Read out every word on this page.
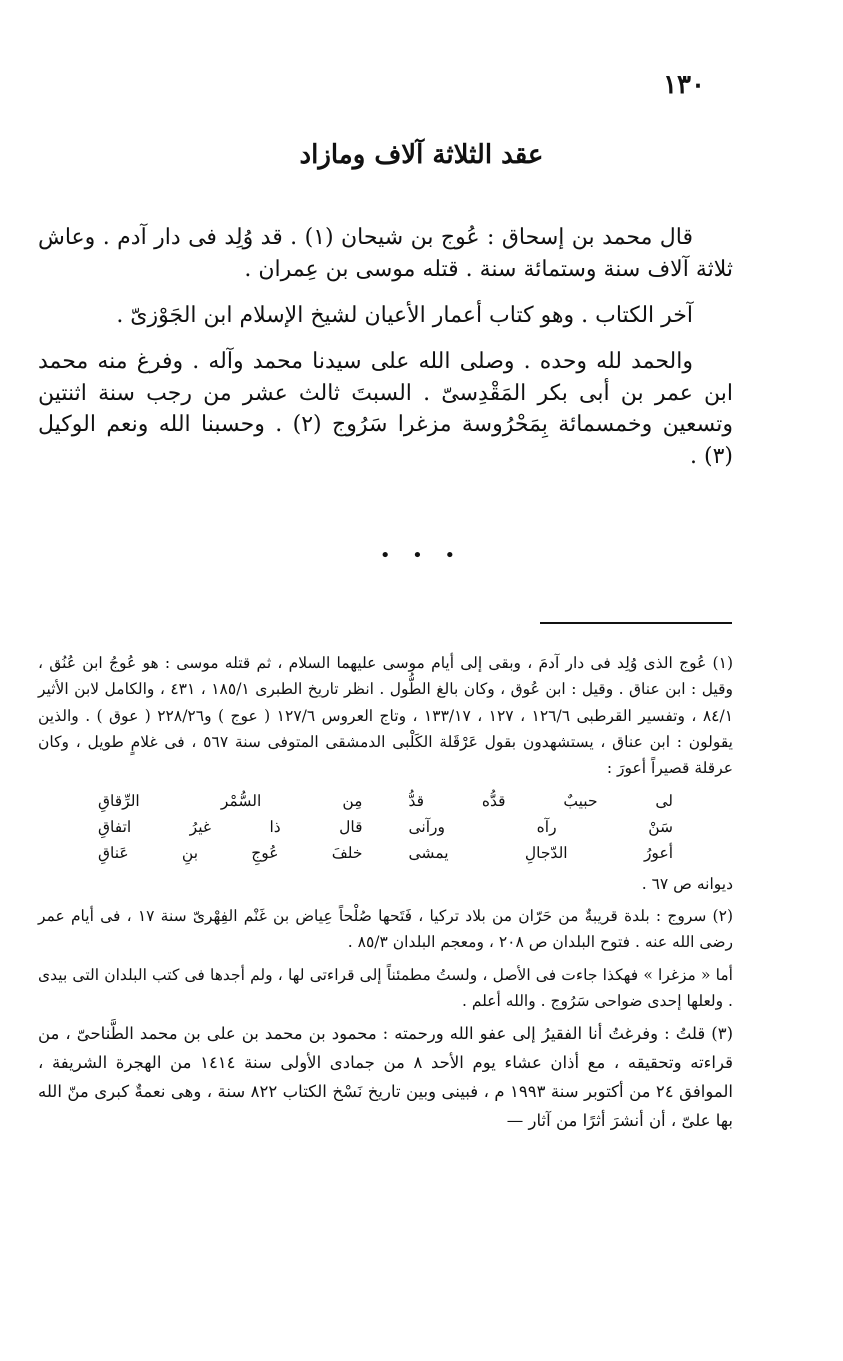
١٣٠
عقد الثلاثة آلاف ومازاد

قال محمد بن إسحاق : عُوج بن شيحان (١) . قد وُلِد فى دار آدم . وعاش ثلاثة آلاف سنة وستمائة سنة . قتله موسى بن عِمران .

آخر الكتاب . وهو كتاب أعمار الأعيان لشيخ الإسلام ابن الجَوْزىّ .

والحمد لله وحده . وصلى الله على سيدنا محمد وآله . وفرغ منه محمد ابن عمر بن أبى بكر المَقْدِسىّ . السبتَ ثالث عشر من رجب سنة اثنتين وتسعين وخمسمائة بِمَحْرُوسة مزغرا سَرُوج (٢) . وحسبنا الله ونعم الوكيل (٣) .

• • •

(١) عُوج الذى وُلِد فى دار آدمَ ، وبقى إلى أيام موسى عليهما السلام ، ثم قتله موسى : هو عُوجُ ابن عُنُق ، وقيل : ابن عناق . وقيل : ابن عُوق ، وكان بالغ الطُّول . انظر تاريخ الطبرى ١٨٥/١ ، ٤٣١ ، والكامل لابن الأثير ٨٤/١ ، وتفسير القرطبى ١٢٦/٦ ، ١٢٧ ، ١٣٣/١٧ ، وتاج العروس ١٢٧/٦ ( عوج ) و٢٢٨/٢٦ ( عوق ) . والذين يقولون : ابن عناق ، يستشهدون بقول عَرْقَلة الكَلْبى الدمشقى المتوفى سنة ٥٦٧ ، فى غلامٍ طويل ، وكان عرقلة قصيراً أعورَ :

لى حبيبٌ قدُّه قدُّ
مِن السُّمْر الرِّقاقِ
سَنْ رآه ورآنى
قال ذا غيرُ اتفاقِ
أعورُ الدّجالِ يمشى
خلفَ عُوجِ بنِ عَناقِ

ديوانه ص ٦٧ .

(٢) سروج : بلدة قريبةٌ من حَرّان من بلاد تركيا ، فَتَحها صُلْحاً عِياض بن غَنْم الفِهْرىّ سنة ١٧ ، فى أيام عمر رضى الله عنه . فتوح البلدان ص ٢٠٨ ، ومعجم البلدان ٨٥/٣ .

أما « مزغرا » فهكذا جاءت فى الأصل ، ولستُ مطمئناً إلى قراءتى لها ، ولم أجدها فى كتب البلدان التى بيدى . ولعلها إحدى ضواحى سَرُوج . والله أعلم .

(٣) قلتُ : وفرغتُ أنا الفقيرُ إلى عفو الله ورحمته : محمود بن محمد بن على بن محمد الطَّناحىّ ، من قراءته وتحقيقه ، مع أذان عشاء يوم الأحد ٨ من جمادى الأولى سنة ١٤١٤ من الهجرة الشريفة ، الموافق ٢٤ من أكتوبر سنة ١٩٩٣ م ، فبينى وبين تاريخ نَسْخ الكتاب ٨٢٢ سنة ، وهى نعمةٌ كبرى منّ الله بها علىّ ، أن أنشرَ أثرًا من آثار —
